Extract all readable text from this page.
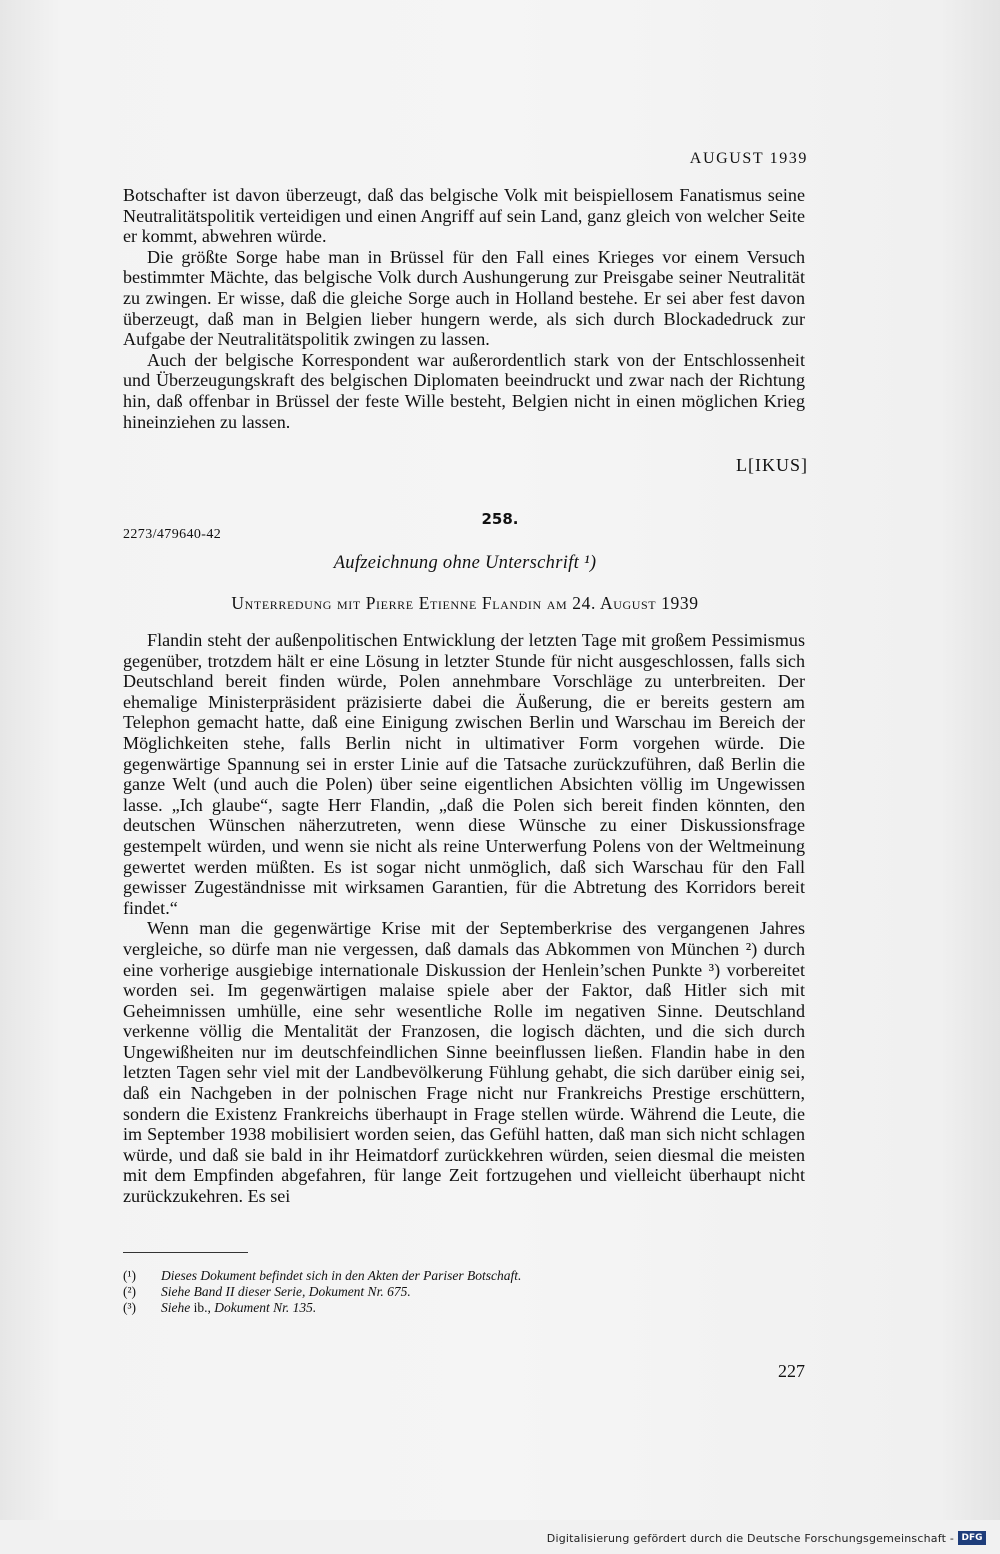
AUGUST 1939

Botschafter ist davon überzeugt, daß das belgische Volk mit beispiellosem Fanatismus seine Neutralitätspolitik verteidigen und einen Angriff auf sein Land, ganz gleich von welcher Seite er kommt, abwehren würde.

Die größte Sorge habe man in Brüssel für den Fall eines Krieges vor einem Versuch bestimmter Mächte, das belgische Volk durch Aushungerung zur Preisgabe seiner Neutralität zu zwingen. Er wisse, daß die gleiche Sorge auch in Holland bestehe. Er sei aber fest davon überzeugt, daß man in Belgien lieber hungern werde, als sich durch Blockadedruck zur Aufgabe der Neutralitätspolitik zwingen zu lassen.

Auch der belgische Korrespondent war außerordentlich stark von der Entschlossenheit und Überzeugungskraft des belgischen Diplomaten beeindruckt und zwar nach der Richtung hin, daß offenbar in Brüssel der feste Wille besteht, Belgien nicht in einen möglichen Krieg hineinziehen zu lassen.

L[IKUS]
258.
2273/479640-42
Aufzeichnung ohne Unterschrift ¹)
Unterredung mit Pierre Etienne Flandin am 24. August 1939

Flandin steht der außenpolitischen Entwicklung der letzten Tage mit großem Pessimismus gegenüber, trotzdem hält er eine Lösung in letzter Stunde für nicht ausgeschlossen, falls sich Deutschland bereit finden würde, Polen annehmbare Vorschläge zu unterbreiten. Der ehemalige Ministerpräsident präzisierte dabei die Äußerung, die er bereits gestern am Telephon gemacht hatte, daß eine Einigung zwischen Berlin und Warschau im Bereich der Möglichkeiten stehe, falls Berlin nicht in ultimativer Form vorgehen würde. Die gegenwärtige Spannung sei in erster Linie auf die Tatsache zurückzuführen, daß Berlin die ganze Welt (und auch die Polen) über seine eigentlichen Absichten völlig im Ungewissen lasse. „Ich glaube“, sagte Herr Flandin, „daß die Polen sich bereit finden könnten, den deutschen Wünschen näherzutreten, wenn diese Wünsche zu einer Diskussionsfrage gestempelt würden, und wenn sie nicht als reine Unterwerfung Polens von der Weltmeinung gewertet werden müßten. Es ist sogar nicht unmöglich, daß sich Warschau für den Fall gewisser Zugeständnisse mit wirksamen Garantien, für die Abtretung des Korridors bereit findet.“

Wenn man die gegenwärtige Krise mit der Septemberkrise des vergangenen Jahres vergleiche, so dürfe man nie vergessen, daß damals das Abkommen von München ²) durch eine vorherige ausgiebige internationale Diskussion der Henlein’schen Punkte ³) vorbereitet worden sei. Im gegenwärtigen malaise spiele aber der Faktor, daß Hitler sich mit Geheimnissen umhülle, eine sehr wesentliche Rolle im negativen Sinne. Deutschland verkenne völlig die Mentalität der Franzosen, die logisch dächten, und die sich durch Ungewißheiten nur im deutschfeindlichen Sinne beeinflussen ließen. Flandin habe in den letzten Tagen sehr viel mit der Landbevölkerung Fühlung gehabt, die sich darüber einig sei, daß ein Nachgeben in der polnischen Frage nicht nur Frankreichs Prestige erschüttern, sondern die Existenz Frankreichs überhaupt in Frage stellen würde. Während die Leute, die im September 1938 mobilisiert worden seien, das Gefühl hatten, daß man sich nicht schlagen würde, und daß sie bald in ihr Heimatdorf zurückkehren würden, seien diesmal die meisten mit dem Empfinden abgefahren, für lange Zeit fortzugehen und vielleicht überhaupt nicht zurückzukehren. Es sei

(¹)	Dieses Dokument befindet sich in den Akten der Pariser Botschaft.
(²)	Siehe Band II dieser Serie, Dokument Nr. 675.
(³)	Siehe ib., Dokument Nr. 135.
227
Digitalisierung gefördert durch die Deutsche Forschungsgemeinschaft - DFG
